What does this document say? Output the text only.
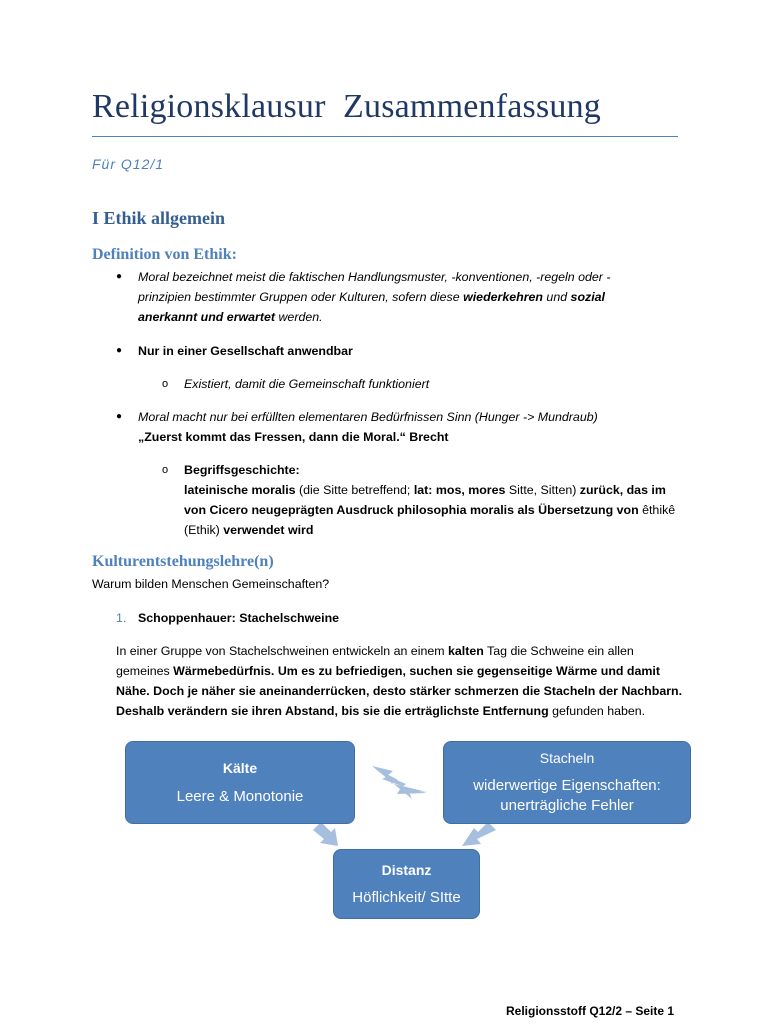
Religionsklausur  Zusammenfassung
Für Q12/1
I Ethik allgemein
Definition von Ethik:
● Moral bezeichnet meist die faktischen Handlungsmuster, -konventionen, -regeln oder -
prinzipien bestimmter Gruppen oder Kulturen, sofern diese wiederkehren und sozial
anerkannt und erwartet werden.
● Nur in einer Gesellschaft anwendbar
o Existiert, damit die Gemeinschaft funktioniert
● Moral macht nur bei erfüllten elementaren Bedürfnissen Sinn (Hunger -> Mundraub)
„Zuerst kommt das Fressen, dann die Moral.“ Brecht
o Begriffsgeschichte:
lateinische moralis (die Sitte betreffend; lat: mos, mores Sitte, Sitten) zurück, das im
von Cicero neugeprägten Ausdruck philosophia moralis als Übersetzung von êthikê
(Ethik) verwendet wird
Kulturentstehungslehre(n)
Warum bilden Menschen Gemeinschaften?
1. Schoppenhauer: Stachelschweine
In einer Gruppe von Stachelschweinen entwickeln an einem kalten Tag die Schweine ein allen
gemeines Wärmebedürfnis. Um es zu befriedigen, suchen sie gegenseitige Wärme und damit
Nähe. Doch je näher sie aneinanderrücken, desto stärker schmerzen die Stacheln der Nachbarn.
Deshalb verändern sie ihren Abstand, bis sie die erträglichste Entfernung gefunden haben.
Kälte
Leere & Monotonie
Stacheln
widerwertige Eigenschaften:
unerträgliche Fehler
Distanz
Höflichkeit/ SItte
Religionsstoff Q12/2 – Seite 1
